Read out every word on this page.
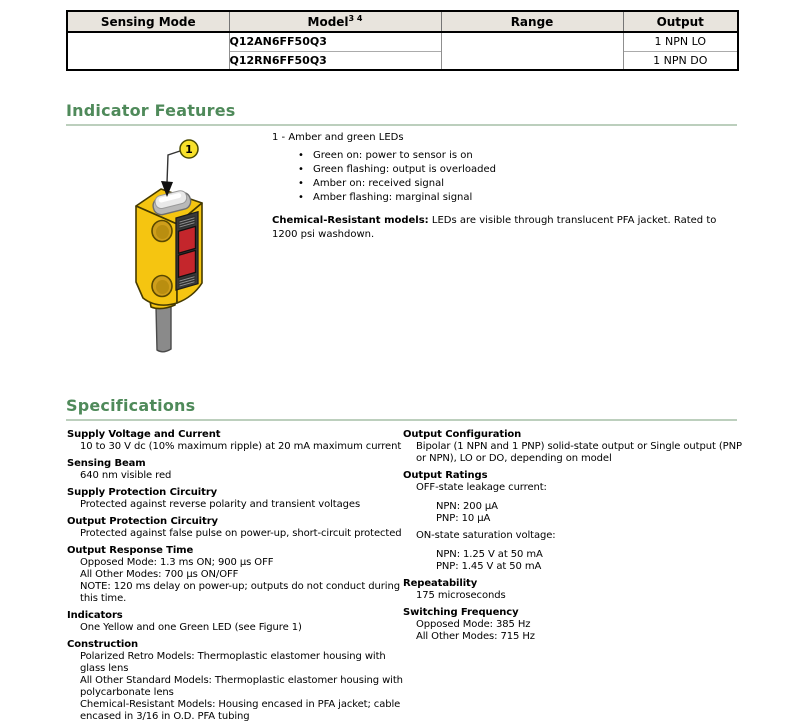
Sensing Mode	Model$^{3 4}$	Range	Output
	Q12AN6FF50Q3		1 NPN LO
	Q12RN6FF50Q3		1 NPN DO
Indicator Features
1
1 - Amber and green LEDs
• Green on: power to sensor is on
• Green flashing: output is overloaded
• Amber on: received signal
• Amber flashing: marginal signal
Chemical-Resistant models: LEDs are visible through translucent PFA jacket. Rated to 1200 psi washdown.
Specifications
Supply Voltage and Current
10 to 30 V dc (10% maximum ripple) at 20 mA maximum current
Sensing Beam
640 nm visible red
Supply Protection Circuitry
Protected against reverse polarity and transient voltages
Output Protection Circuitry
Protected against false pulse on power-up, short-circuit protected
Output Response Time
Opposed Mode: 1.3 ms ON; 900 µs OFF
All Other Modes: 700 µs ON/OFF
NOTE: 120 ms delay on power-up; outputs do not conduct during this time.
Indicators
One Yellow and one Green LED (see Figure 1)
Construction
Polarized Retro Models: Thermoplastic elastomer housing with glass lens
All Other Standard Models: Thermoplastic elastomer housing with polycarbonate lens
Chemical-Resistant Models: Housing encased in PFA jacket; cable encased in 3/16 in O.D. PFA tubing
Output Configuration
Bipolar (1 NPN and 1 PNP) solid-state output or Single output (PNP or NPN), LO or DO, depending on model
Output Ratings
OFF-state leakage current:
NPN: 200 µA
PNP: 10 µA
ON-state saturation voltage:
NPN: 1.25 V at 50 mA
PNP: 1.45 V at 50 mA
Repeatability
175 microseconds
Switching Frequency
Opposed Mode: 385 Hz
All Other Modes: 715 Hz
